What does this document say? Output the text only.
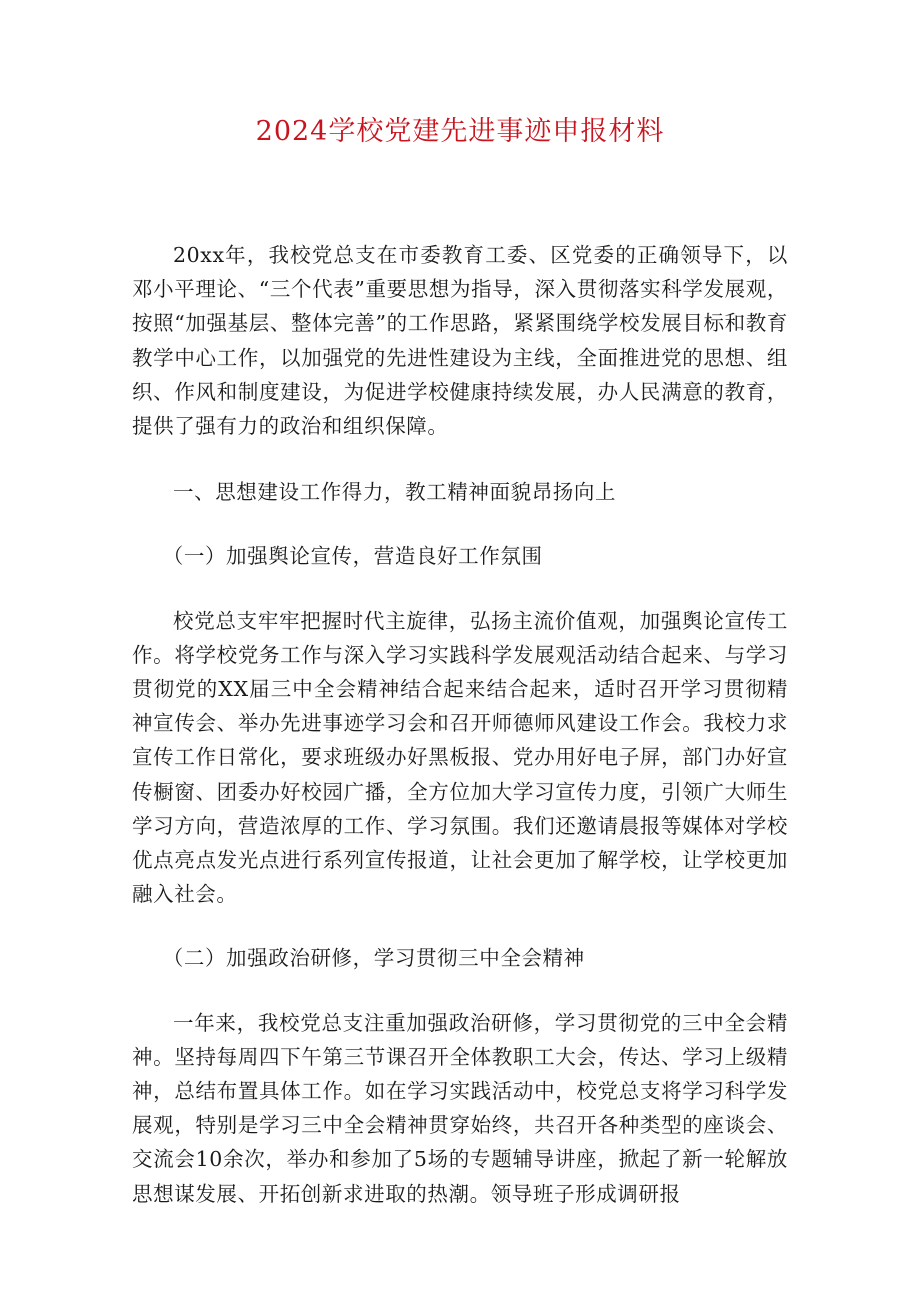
2024学校党建先进事迹申报材料

20xx年，我校党总支在市委教育工委、区党委的正确领导下，以邓小平理论、“三个代表”重要思想为指导，深入贯彻落实科学发展观，按照“加强基层、整体完善”的工作思路，紧紧围绕学校发展目标和教育教学中心工作，以加强党的先进性建设为主线，全面推进党的思想、组织、作风和制度建设，为促进学校健康持续发展，办人民满意的教育，提供了强有力的政治和组织保障。

一、思想建设工作得力，教工精神面貌昂扬向上

（一）加强舆论宣传，营造良好工作氛围

校党总支牢牢把握时代主旋律，弘扬主流价值观，加强舆论宣传工作。将学校党务工作与深入学习实践科学发展观活动结合起来、与学习贯彻党的XX届三中全会精神结合起来结合起来，适时召开学习贯彻精神宣传会、举办先进事迹学习会和召开师德师风建设工作会。我校力求宣传工作日常化，要求班级办好黑板报、党办用好电子屏，部门办好宣传橱窗、团委办好校园广播，全方位加大学习宣传力度，引领广大师生学习方向，营造浓厚的工作、学习氛围。我们还邀请晨报等媒体对学校优点亮点发光点进行系列宣传报道，让社会更加了解学校，让学校更加融入社会。

（二）加强政治研修，学习贯彻三中全会精神

一年来，我校党总支注重加强政治研修，学习贯彻党的三中全会精神。坚持每周四下午第三节课召开全体教职工大会，传达、学习上级精神，总结布置具体工作。如在学习实践活动中，校党总支将学习科学发展观，特别是学习三中全会精神贯穿始终，共召开各种类型的座谈会、交流会10余次，举办和参加了5场的专题辅导讲座，掀起了新一轮解放思想谋发展、开拓创新求进取的热潮。领导班子形成调研报
